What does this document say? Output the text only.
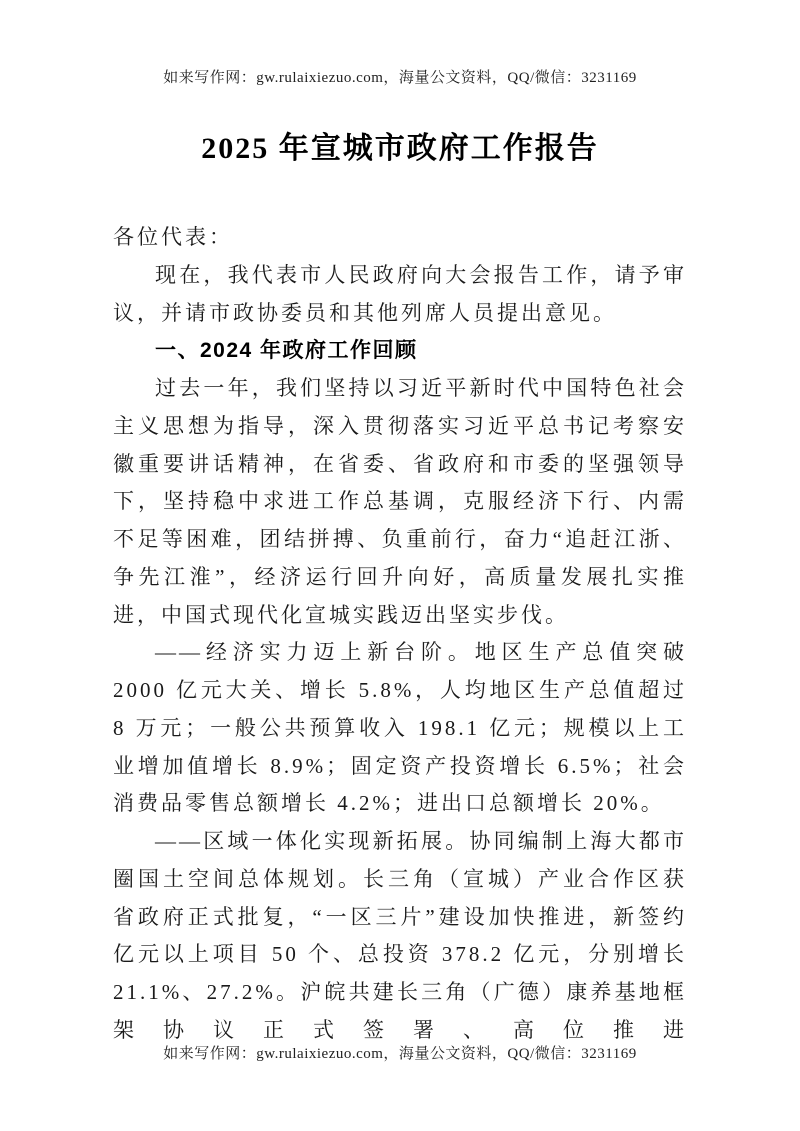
如来写作网：gw.rulaixiezuo.com，海量公文资料，QQ/微信：3231169
2025 年宣城市政府工作报告

各位代表：

现在，我代表市人民政府向大会报告工作，请予审议，并请市政协委员和其他列席人员提出意见。

一、2024 年政府工作回顾

过去一年，我们坚持以习近平新时代中国特色社会主义思想为指导，深入贯彻落实习近平总书记考察安徽重要讲话精神，在省委、省政府和市委的坚强领导下，坚持稳中求进工作总基调，克服经济下行、内需不足等困难，团结拼搏、负重前行，奋力“追赶江浙、争先江淮”，经济运行回升向好，高质量发展扎实推进，中国式现代化宣城实践迈出坚实步伐。

——经济实力迈上新台阶。地区生产总值突破 2000 亿元大关、增长 5.8%，人均地区生产总值超过 8 万元；一般公共预算收入 198.1 亿元；规模以上工业增加值增长 8.9%；固定资产投资增长 6.5%；社会消费品零售总额增长 4.2%；进出口总额增长 20%。

——区域一体化实现新拓展。协同编制上海大都市圈国土空间总体规划。长三角（宣城）产业合作区获省政府正式批复，“一区三片”建设加快推进，新签约亿元以上项目 50 个、总投资 378.2 亿元，分别增长 21.1%、27.2%。沪皖共建长三角（广德）康养基地框架协议正式签署、高位推进

如来写作网：gw.rulaixiezuo.com，海量公文资料，QQ/微信：3231169
